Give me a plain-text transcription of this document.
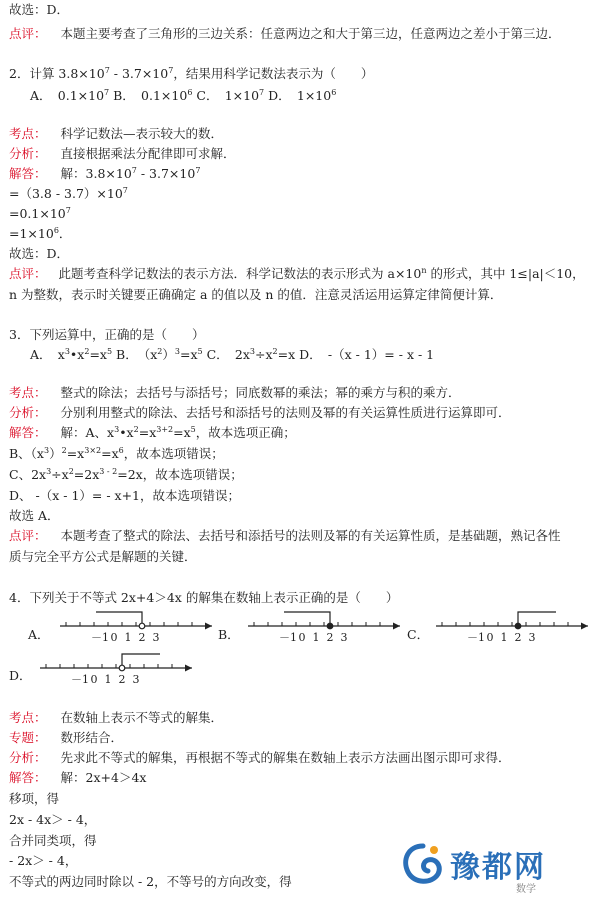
故选：D．
点评： 本题主要考查了三角形的三边关系：任意两边之和大于第三边，任意两边之差小于第三边．
2．计算 $3.8\times 10^7 - 3.7\times 10^7$，结果用科学记数法表示为（　　）
A．　$0.1\times 10^7$ B．　$0.1\times 10^6$ C．　$1\times 10^7$ D．　$1\times 10^6$
考点： 科学记数法—表示较大的数．
分析： 直接根据乘法分配律即可求解．
解答： 解：$3.8\times 10^7 - 3.7\times 10^7$
$=(3.8 - 3.7)\times 10^7$
$=0.1\times 10^7$
$=1\times 10^6$．
故选：D．
点评： 此题考查科学记数法的表示方法．科学记数法的表示形式为 $a\times 10^n$ 的形式，其中 1≤|a|＜10，
n 为整数，表示时关键要正确确定 a 的值以及 n 的值．注意灵活运用运算定律简便计算．
3．下列运算中，正确的是（　　）
A．　$x^3•x^2=x^5$ B．　$(x^2)^3=x^5$ C．　$2x^3\div x^2=x$ D．　-（x - 1）= - x - 1
考点： 整式的除法；去括号与添括号；同底数幂的乘法；幂的乘方与积的乘方．
分析： 分别利用整式的除法、去括号和添括号的法则及幂的有关运算性质进行运算即可．
解答： 解：A、$x^3•x^2=x^{3+2}=x^5$，故本选项正确；
B、$(x^3)^2=x^{3\times 2}=x^6$，故本选项错误；
C、$2x^3\div x^2=2x^{3 - 2}=2x$，故本选项错误；
D、 -（x - 1）= - x+1，故本选项错误；
故选 A．
点评： 本题考查了整式的除法、去括号和添括号的法则及幂的有关运算性质，是基础题，熟记各性
质与完全平方公式是解题的关键．
4．下列关于不等式 2x+4＞4x 的解集在数轴上表示正确的是（　　）
A．	－1 0 1 2 3	B．	－1 0 1 2 3	C．	－1 0 1 2 3
D．	－1 0 1 2 3
考点： 在数轴上表示不等式的解集．
专题： 数形结合．
分析： 先求此不等式的解集，再根据不等式的解集在数轴上表示方法画出图示即可求得．
解答： 解：2x+4＞4x
移项，得
2x - 4x＞ - 4，
合并同类项，得
- 2x＞ - 4，
不等式的两边同时除以 - 2，不等号的方向改变，得	豫都网
数学
